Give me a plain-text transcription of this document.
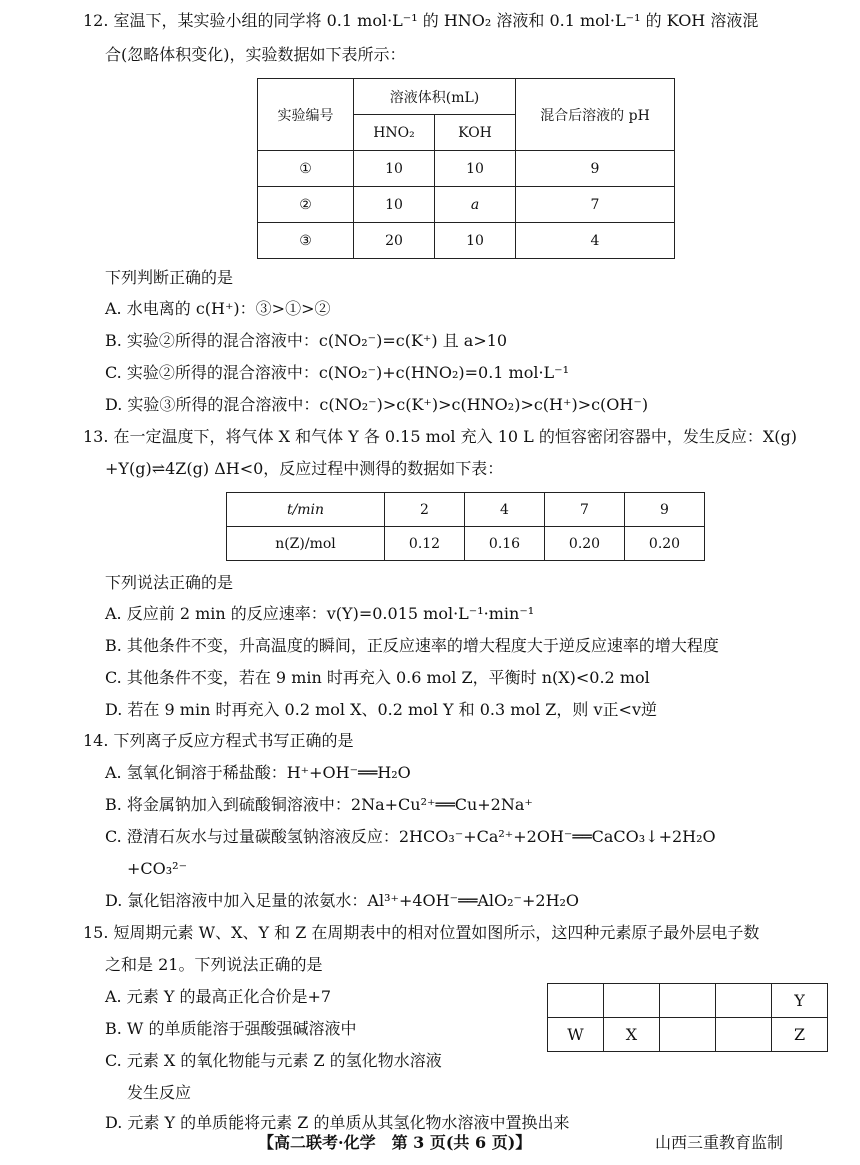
12. 室温下，某实验小组的同学将 0.1 mol·L⁻¹ 的 HNO₂ 溶液和 0.1 mol·L⁻¹ 的 KOH 溶液混
合(忽略体积变化)，实验数据如下表所示：
实验编号	溶液体积(mL)		混合后溶液的 pH
	HNO₂	KOH	
①	10	10	9
②	10	a	7
③	20	10	4
下列判断正确的是
A. 水电离的 c(H⁺)：③>①>②
B. 实验②所得的混合溶液中：c(NO₂⁻)=c(K⁺) 且 a>10
C. 实验②所得的混合溶液中：c(NO₂⁻)+c(HNO₂)=0.1 mol·L⁻¹
D. 实验③所得的混合溶液中：c(NO₂⁻)>c(K⁺)>c(HNO₂)>c(H⁺)>c(OH⁻)
13. 在一定温度下，将气体 X 和气体 Y 各 0.15 mol 充入 10 L 的恒容密闭容器中，发生反应：X(g)
+Y(g)⇌4Z(g) ΔH<0，反应过程中测得的数据如下表：
t/min	2	4	7	9
n(Z)/mol	0.12	0.16	0.20	0.20
下列说法正确的是
A. 反应前 2 min 的反应速率：v(Y)=0.015 mol·L⁻¹·min⁻¹
B. 其他条件不变，升高温度的瞬间，正反应速率的增大程度大于逆反应速率的增大程度
C. 其他条件不变，若在 9 min 时再充入 0.6 mol Z，平衡时 n(X)<0.2 mol
D. 若在 9 min 时再充入 0.2 mol X、0.2 mol Y 和 0.3 mol Z，则 v正<v逆
14. 下列离子反应方程式书写正确的是
A. 氢氧化铜溶于稀盐酸：H⁺+OH⁻══H₂O
B. 将金属钠加入到硫酸铜溶液中：2Na+Cu²⁺══Cu+2Na⁺
C. 澄清石灰水与过量碳酸氢钠溶液反应：2HCO₃⁻+Ca²⁺+2OH⁻══CaCO₃↓+2H₂O
+CO₃²⁻
D. 氯化铝溶液中加入足量的浓氨水：Al³⁺+4OH⁻══AlO₂⁻+2H₂O
15. 短周期元素 W、X、Y 和 Z 在周期表中的相对位置如图所示，这四种元素原子最外层电子数
之和是 21。下列说法正确的是
A. 元素 Y 的最高正化合价是+7
B. W 的单质能溶于强酸强碱溶液中
C. 元素 X 的氧化物能与元素 Z 的氢化物水溶液
发生反应
D. 元素 Y 的单质能将元素 Z 的单质从其氢化物水溶液中置换出来
				Y
W	X			Z
【高二联考·化学　第 3 页(共 6 页)】	山西三重教育监制
